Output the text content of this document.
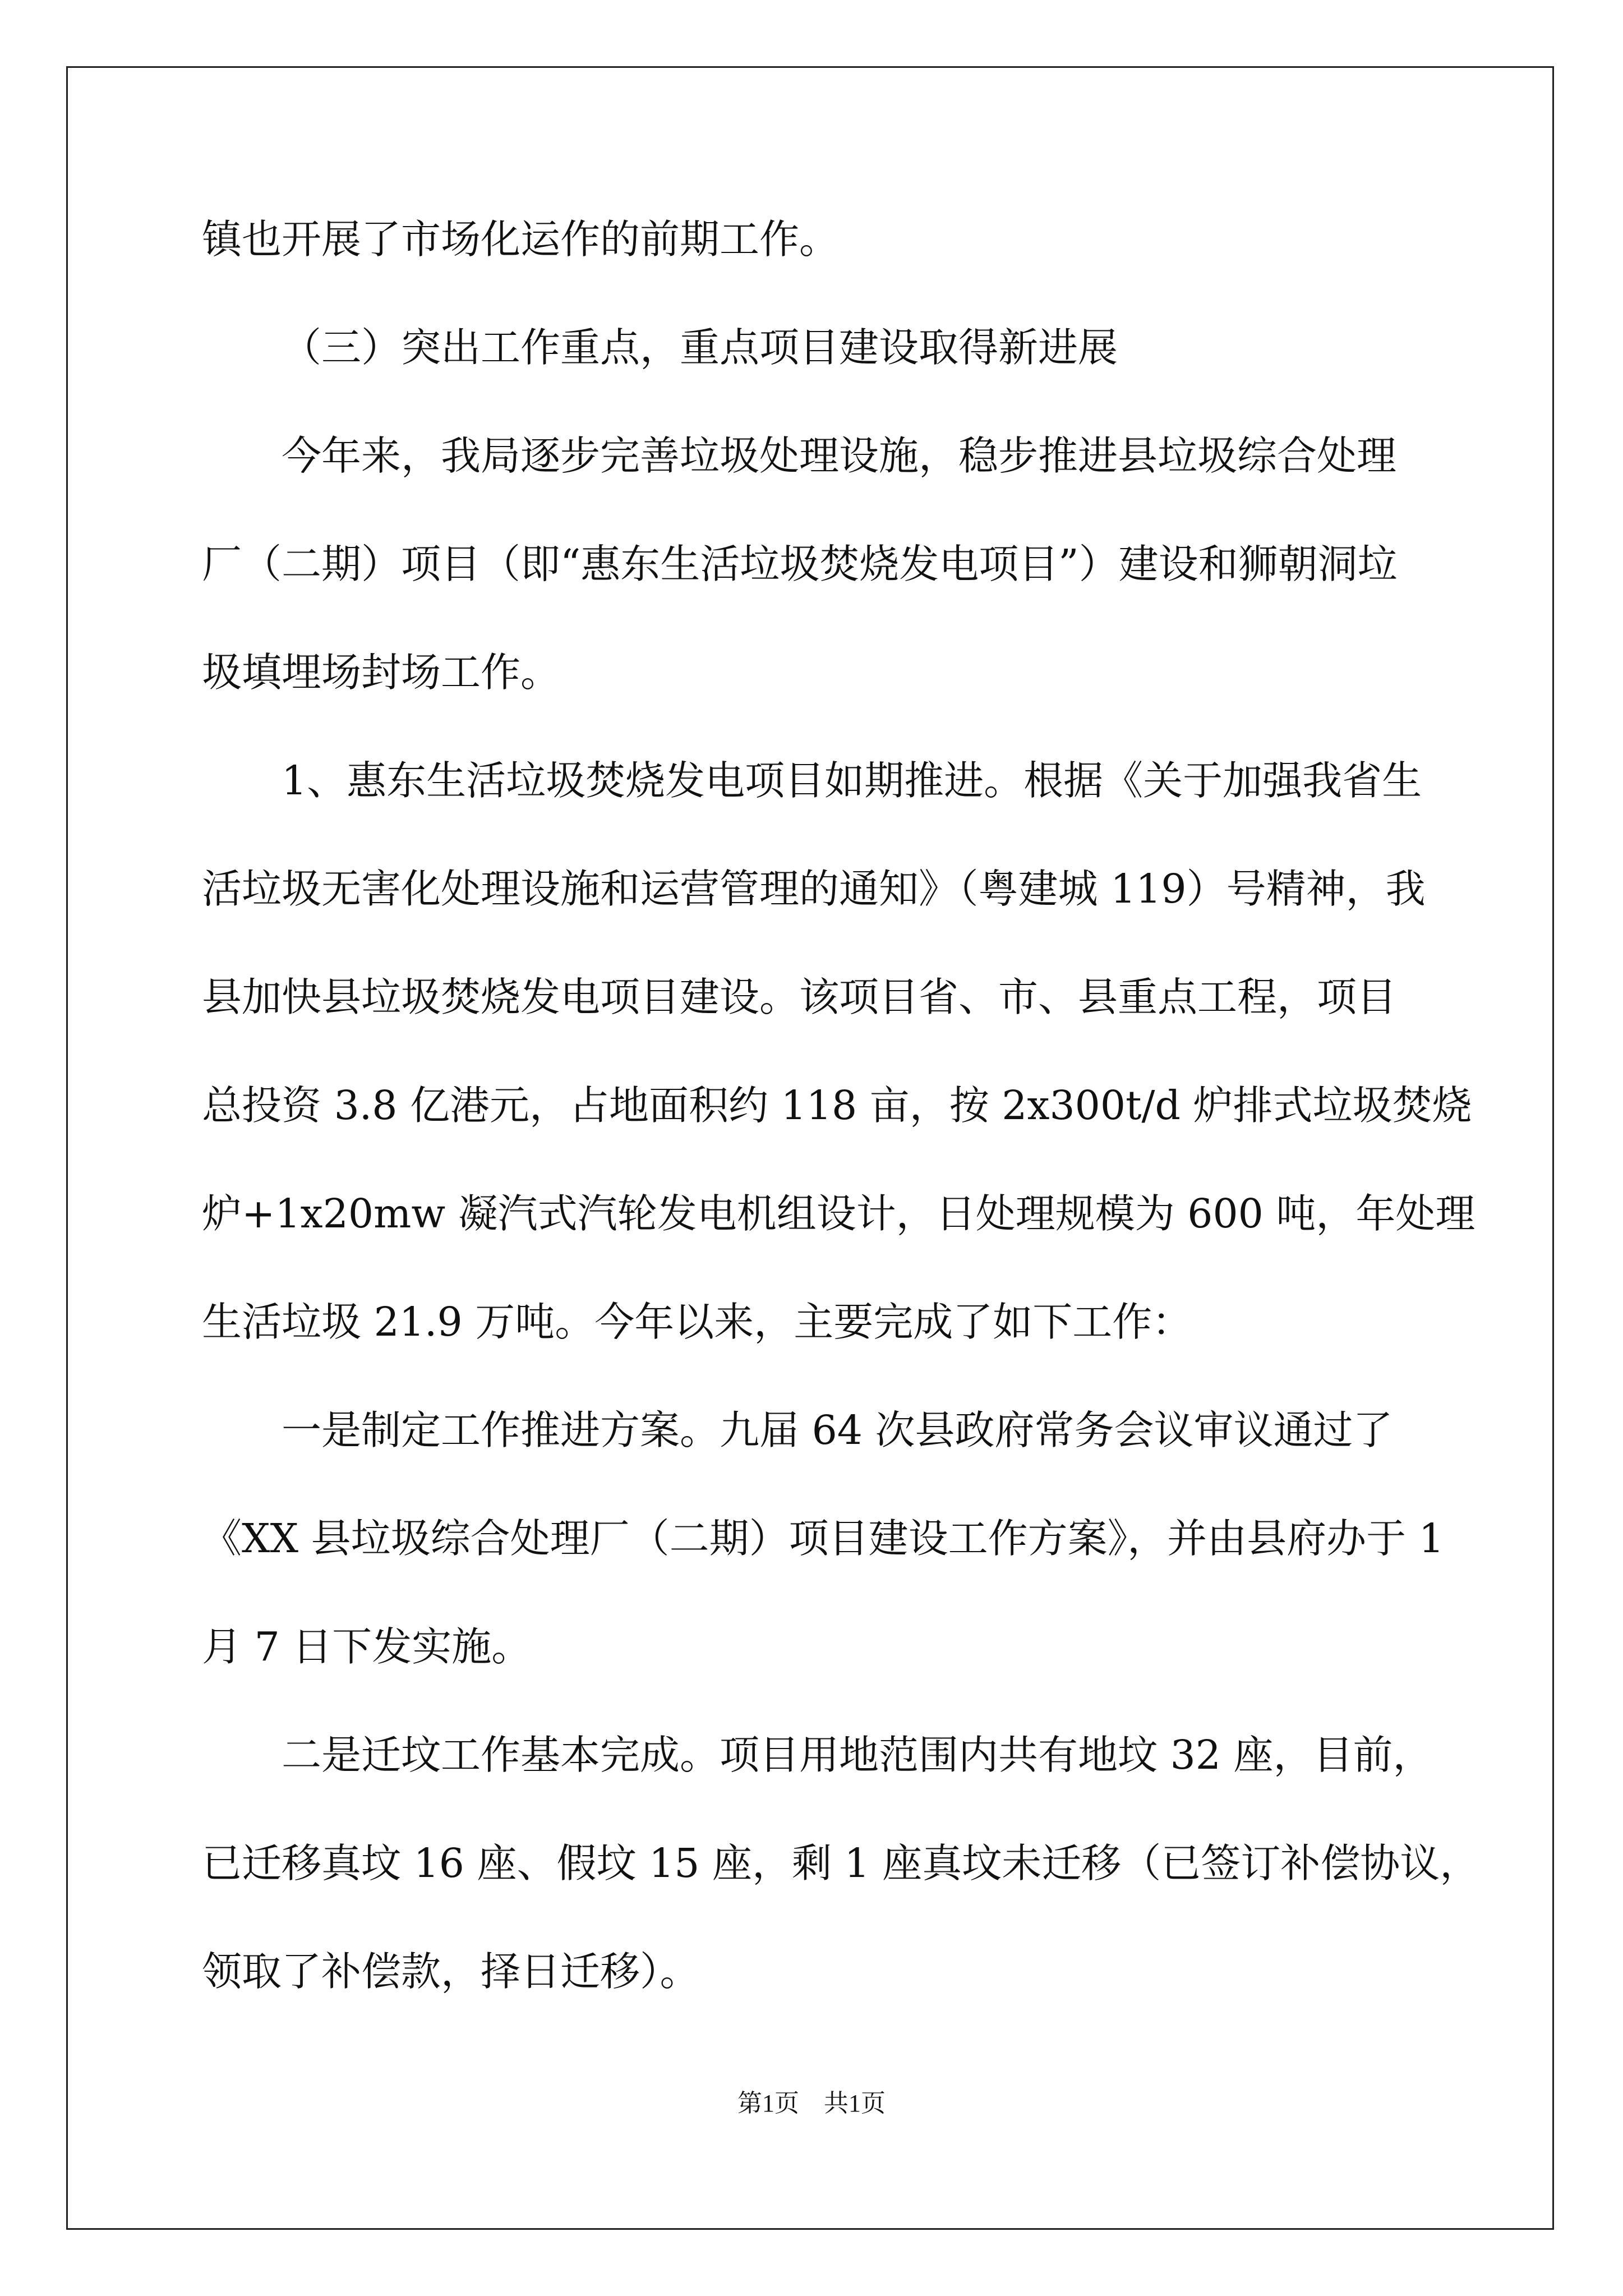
镇也开展了市场化运作的前期工作。
（三）突出工作重点，重点项目建设取得新进展
今年来，我局逐步完善垃圾处理设施，稳步推进县垃圾综合处理
厂（二期）项目（即“惠东生活垃圾焚烧发电项目”）建设和狮朝洞垃
圾填埋场封场工作。
1、惠东生活垃圾焚烧发电项目如期推进。根据《关于加强我省生
活垃圾无害化处理设施和运营管理的通知》（粤建城 119）号精神，我
县加快县垃圾焚烧发电项目建设。该项目省、市、县重点工程，项目
总投资 3.8 亿港元，占地面积约 118 亩，按 2x300t/d 炉排式垃圾焚烧
炉+1x20mw 凝汽式汽轮发电机组设计，日处理规模为 600 吨，年处理
生活垃圾 21.9 万吨。今年以来，主要完成了如下工作：
一是制定工作推进方案。九届 64 次县政府常务会议审议通过了
《XX 县垃圾综合处理厂（二期）项目建设工作方案》，并由县府办于 1
月 7 日下发实施。
二是迁坟工作基本完成。项目用地范围内共有地坟 32 座，目前，
已迁移真坟 16 座、假坟 15 座，剩 1 座真坟未迁移（已签订补偿协议，
领取了补偿款，择日迁移）。
第1页　共1页
